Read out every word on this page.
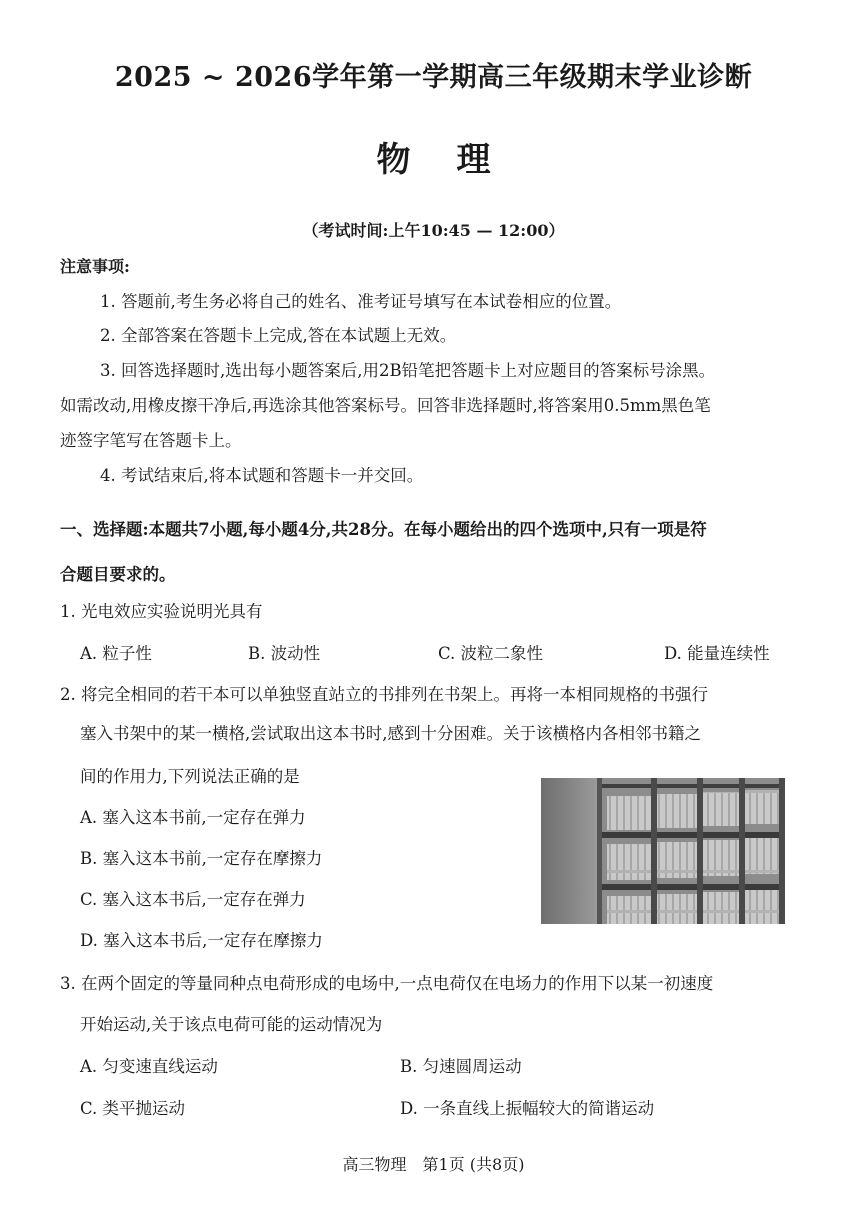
2025 ~ 2026学年第一学期高三年级期末学业诊断
物理
（考试时间:上午10:45 — 12:00）
注意事项:
1. 答题前,考生务必将自己的姓名、准考证号填写在本试卷相应的位置。
2. 全部答案在答题卡上完成,答在本试题上无效。
3. 回答选择题时,选出每小题答案后,用2B铅笔把答题卡上对应题目的答案标号涂黑。
如需改动,用橡皮擦干净后,再选涂其他答案标号。回答非选择题时,将答案用0.5mm黑色笔
迹签字笔写在答题卡上。
4. 考试结束后,将本试题和答题卡一并交回。
一、选择题:本题共7小题,每小题4分,共28分。在每小题给出的四个选项中,只有一项是符
合题目要求的。
1. 光电效应实验说明光具有
A. 粒子性	B. 波动性	C. 波粒二象性	D. 能量连续性
2. 将完全相同的若干本可以单独竖直站立的书排列在书架上。再将一本相同规格的书强行
塞入书架中的某一横格,尝试取出这本书时,感到十分困难。关于该横格内各相邻书籍之
间的作用力,下列说法正确的是
A. 塞入这本书前,一定存在弹力
B. 塞入这本书前,一定存在摩擦力
C. 塞入这本书后,一定存在弹力
D. 塞入这本书后,一定存在摩擦力
3. 在两个固定的等量同种点电荷形成的电场中,一点电荷仅在电场力的作用下以某一初速度
开始运动,关于该点电荷可能的运动情况为
A. 匀变速直线运动	B. 匀速圆周运动
C. 类平抛运动	D. 一条直线上振幅较大的简谐运动
高三物理　第1页 (共8页)
